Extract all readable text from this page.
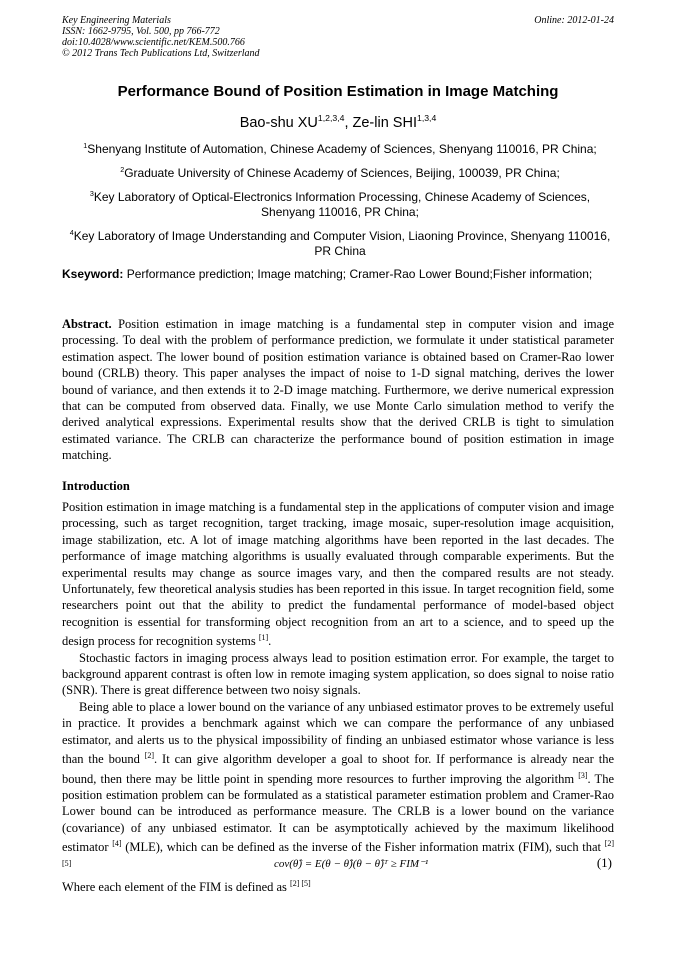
Key Engineering Materials
ISSN: 1662-9795, Vol. 500, pp 766-772
doi:10.4028/www.scientific.net/KEM.500.766
© 2012 Trans Tech Publications Ltd, Switzerland
Online: 2012-01-24
Performance Bound of Position Estimation in Image Matching
Bao-shu XU$^{1,2,3,4}$, Ze-lin SHI$^{1,3,4}$
$^1$Shenyang Institute of Automation, Chinese Academy of Sciences, Shenyang 110016, PR China;
$^2$Graduate University of Chinese Academy of Sciences, Beijing, 100039, PR China;
$^3$Key Laboratory of Optical-Electronics Information Processing, Chinese Academy of Sciences, Shenyang 110016, PR China;
$^4$Key Laboratory of Image Understanding and Computer Vision, Liaoning Province, Shenyang 110016, PR China
Kseyword: Performance prediction; Image matching; Cramer-Rao Lower Bound;Fisher information;
Abstract. Position estimation in image matching is a fundamental step in computer vision and image processing. To deal with the problem of performance prediction, we formulate it under statistical parameter estimation aspect. The lower bound of position estimation variance is obtained based on Cramer-Rao lower bound (CRLB) theory. This paper analyses the impact of noise to 1-D signal matching, derives the lower bound of variance, and then extends it to 2-D image matching. Furthermore, we derive numerical expression that can be computed from observed data. Finally, we use Monte Carlo simulation method to verify the derived analytical expressions. Experimental results show that the derived CRLB is tight to simulation estimated variance. The CRLB can characterize the performance bound of position estimation in image matching.
Introduction

Position estimation in image matching is a fundamental step in the applications of computer vision and image processing, such as target recognition, target tracking, image mosaic, super-resolution image acquisition, image stabilization, etc. A lot of image matching algorithms have been reported in the last decades. The performance of image matching algorithms is usually evaluated through comparable experiments. But the experimental results may change as source images vary, and then the compared results are not steady. Unfortunately, few theoretical analysis studies has been reported in this issue. In target recognition field, some researchers point out that the ability to predict the fundamental performance of model-based object recognition is essential for transforming object recognition from an art to a science, and to speed up the design process for recognition systems [1].

Stochastic factors in imaging process always lead to position estimation error. For example, the target to background apparent contrast is often low in remote imaging system application, so does signal to noise ratio (SNR). There is great difference between two noisy signals.

Being able to place a lower bound on the variance of any unbiased estimator proves to be extremely useful in practice. It provides a benchmark against which we can compare the performance of any unbiased estimator, and alerts us to the physical impossibility of finding an unbiased estimator whose variance is less than the bound [2]. It can give algorithm developer a goal to shoot for. If performance is already near the bound, then there may be little point in spending more resources to further improving the algorithm [3]. The position estimation problem can be formulated as a statistical parameter estimation problem and Cramer-Rao Lower bound can be introduced as performance measure. The CRLB is a lower bound on the variance (covariance) of any unbiased estimator. It can be asymptotically achieved by the maximum likelihood estimator [4] (MLE), which can be defined as the inverse of the Fisher information matrix (FIM), such that [2] [5]	cov(θ̂) = E(θ − θ̂)(θ − θ̂)ᵀ ≥ FIM⁻¹	(1)
Where each element of the FIM is defined as [2] [5]
